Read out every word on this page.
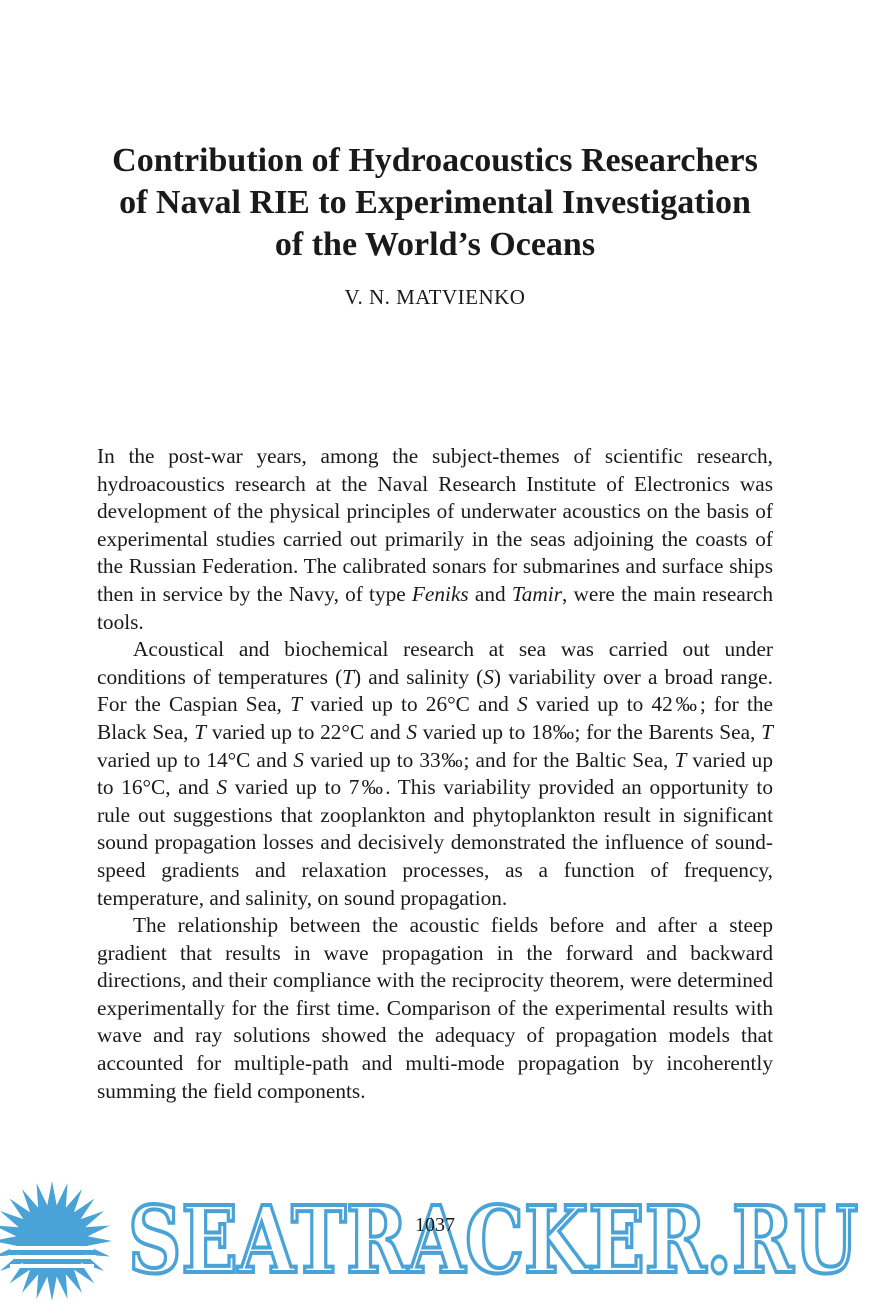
Contribution of Hydroacoustics Researchers
of Naval RIE to Experimental Investigation
of the World’s Oceans
V. N. MATVIENKO

In the post-war years, among the subject-themes of scientific research, hydroacoustics research at the Naval Research Institute of Electronics was development of the physical principles of underwater acoustics on the basis of experimental studies carried out primarily in the seas adjoining the coasts of the Russian Federation. The calibrated sonars for submarines and surface ships then in service by the Navy, of type Feniks and Tamir, were the main research tools.

Acoustical and biochemical research at sea was carried out under conditions of temperatures (T) and salinity (S) variability over a broad range. For the Caspian Sea, T varied up to 26°C and S varied up to 42‰; for the Black Sea, T varied up to 22°C and S varied up to 18‰; for the Barents Sea, T varied up to 14°C and S varied up to 33‰; and for the Baltic Sea, T varied up to 16°C, and S varied up to 7‰. This variability provided an opportunity to rule out suggestions that zooplankton and phytoplankton result in significant sound propagation losses and decisively demonstrated the influence of sound-speed gradients and relaxation processes, as a function of frequency, temperature, and salinity, on sound propagation.

The relationship between the acoustic fields before and after a steep gradient that results in wave propagation in the forward and backward directions, and their compliance with the reciprocity theorem, were determined experimentally for the first time. Comparison of the experimental results with wave and ray solutions showed the adequacy of propagation models that accounted for multiple-path and multi-mode propagation by incoherently summing the field components.

SEATRACKER.RU
1037
